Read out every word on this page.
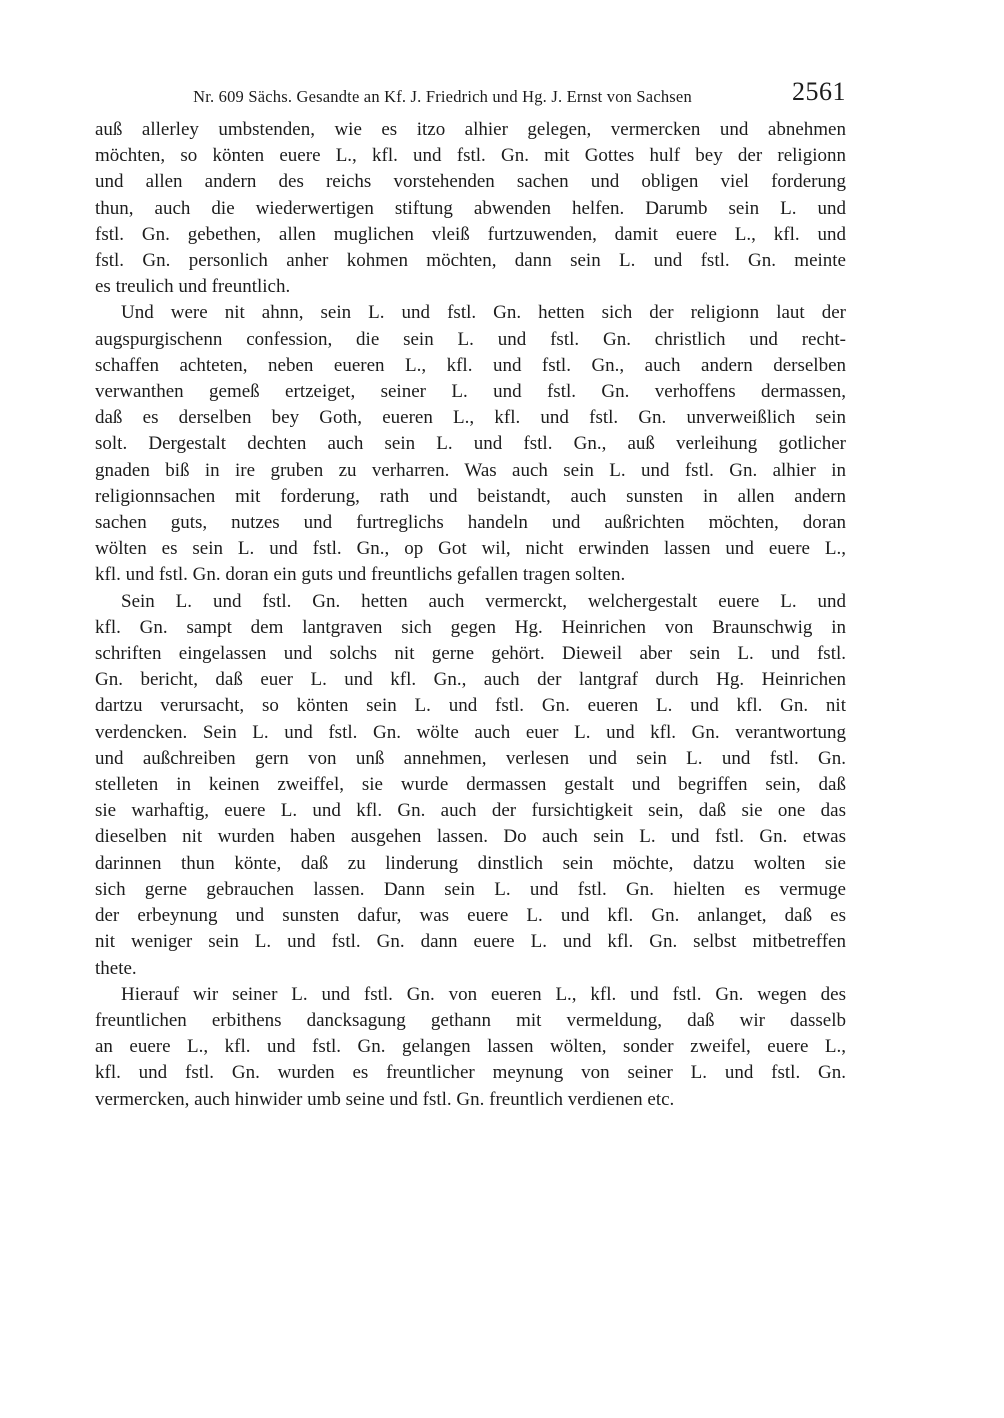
Nr. 609 Sächs. Gesandte an Kf. J. Friedrich und Hg. J. Ernst von Sachsen	2561
auß allerley umbstenden, wie es itzo alhier gelegen, vermercken und abnehmen
möchten, so könten euere L., kfl. und fstl. Gn. mit Gottes hulf bey der religionn
und allen andern des reichs vorstehenden sachen und obligen viel forderung
thun, auch die wiederwertigen stiftung abwenden helfen. Darumb sein L. und
fstl. Gn. gebethen, allen muglichen vleiß furtzuwenden, damit euere L., kfl. und
fstl. Gn. personlich anher kohmen möchten, dann sein L. und fstl. Gn. meinte
es treulich und freuntlich.
Und were nit ahnn, sein L. und fstl. Gn. hetten sich der religionn laut der
augspurgischenn confession, die sein L. und fstl. Gn. christlich und recht-
schaffen achteten, neben eueren L., kfl. und fstl. Gn., auch andern derselben
verwanthen gemeß ertzeiget, seiner L. und fstl. Gn. verhoffens dermassen,
daß es derselben bey Goth, eueren L., kfl. und fstl. Gn. unverweißlich sein
solt. Dergestalt dechten auch sein L. und fstl. Gn., auß verleihung gotlicher
gnaden biß in ire gruben zu verharren. Was auch sein L. und fstl. Gn. alhier in
religionnsachen mit forderung, rath und beistandt, auch sunsten in allen andern
sachen guts, nutzes und furtreglichs handeln und außrichten möchten, doran
wölten es sein L. und fstl. Gn., op Got wil, nicht erwinden lassen und euere L.,
kfl. und fstl. Gn. doran ein guts und freuntlichs gefallen tragen solten.
Sein L. und fstl. Gn. hetten auch vermerckt, welchergestalt euere L. und
kfl. Gn. sampt dem lantgraven sich gegen Hg. Heinrichen von Braunschwig in
schriften eingelassen und solchs nit gerne gehört. Dieweil aber sein L. und fstl.
Gn. bericht, daß euer L. und kfl. Gn., auch der lantgraf durch Hg. Heinrichen
dartzu verursacht, so könten sein L. und fstl. Gn. eueren L. und kfl. Gn. nit
verdencken. Sein L. und fstl. Gn. wölte auch euer L. und kfl. Gn. verantwortung
und außchreiben gern von unß annehmen, verlesen und sein L. und fstl. Gn.
stelleten in keinen zweiffel, sie wurde dermassen gestalt und begriffen sein, daß
sie warhaftig, euere L. und kfl. Gn. auch der fursichtigkeit sein, daß sie one das
dieselben nit wurden haben ausgehen lassen. Do auch sein L. und fstl. Gn. etwas
darinnen thun könte, daß zu linderung dinstlich sein möchte, datzu wolten sie
sich gerne gebrauchen lassen. Dann sein L. und fstl. Gn. hielten es vermuge
der erbeynung und sunsten dafur, was euere L. und kfl. Gn. anlanget, daß es
nit weniger sein L. und fstl. Gn. dann euere L. und kfl. Gn. selbst mitbetreffen
thete.
Hierauf wir seiner L. und fstl. Gn. von eueren L., kfl. und fstl. Gn. wegen des
freuntlichen erbithens dancksagung gethann mit vermeldung, daß wir dasselb
an euere L., kfl. und fstl. Gn. gelangen lassen wölten, sonder zweifel, euere L.,
kfl. und fstl. Gn. wurden es freuntlicher meynung von seiner L. und fstl. Gn.
vermercken, auch hinwider umb seine und fstl. Gn. freuntlich verdienen etc.
